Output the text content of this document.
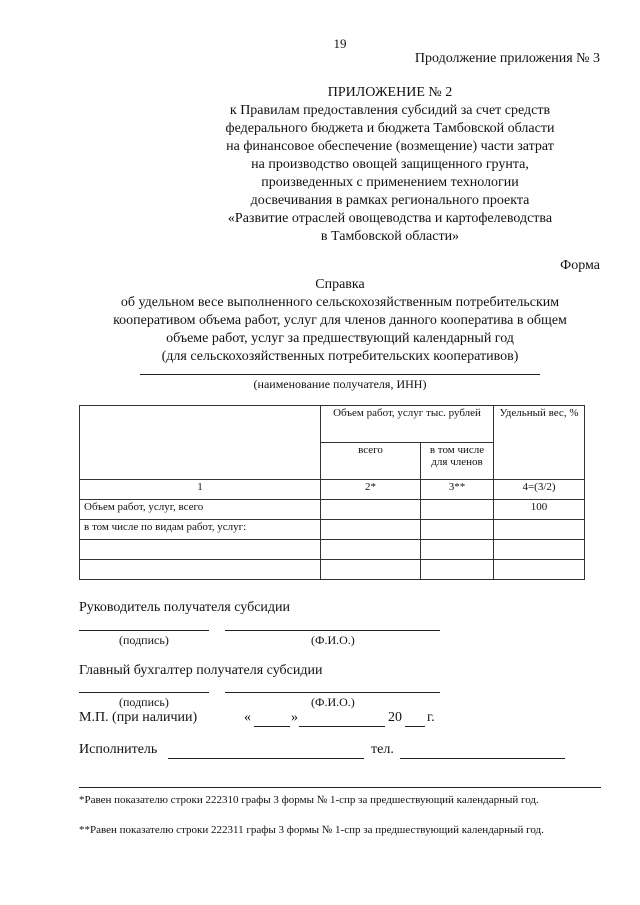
19
Продолжение приложения № 3
ПРИЛОЖЕНИЕ № 2
к Правилам предоставления субсидий за счет средств
федерального бюджета и бюджета Тамбовской области
на финансовое обеспечение (возмещение) части затрат
на производство овощей защищенного грунта,
произведенных с применением технологии
досвечивания в рамках регионального проекта
«Развитие отраслей овощеводства и картофелеводства
в Тамбовской области»
Форма
Справка
об удельном весе выполненного сельскохозяйственным потребительским
кооперативом объема работ, услуг для членов данного кооператива в общем
объеме работ, услуг за предшествующий календарный год
(для сельскохозяйственных потребительских кооперативов)
(наименование получателя, ИНН)
	Объем работ, услуг тыс. рублей		Удельный вес, %
	всего	в том числе для членов	
1	2*	3**	4=(3/2)
Объем работ, услуг, всего			100
в том числе по видам работ, услуг:			

Руководитель получателя субсидии
(подпись)	(Ф.И.О.)
Главный бухгалтер получателя субсидии
(подпись)	(Ф.И.О.)
М.П. (при наличии)	«	»	20 г.
Исполнитель	тел.
*Равен показателю строки 222310 графы 3 формы № 1-спр за предшествующий календарный год.
**Равен показателю строки 222311 графы 3 формы № 1-спр за предшествующий календарный год.
